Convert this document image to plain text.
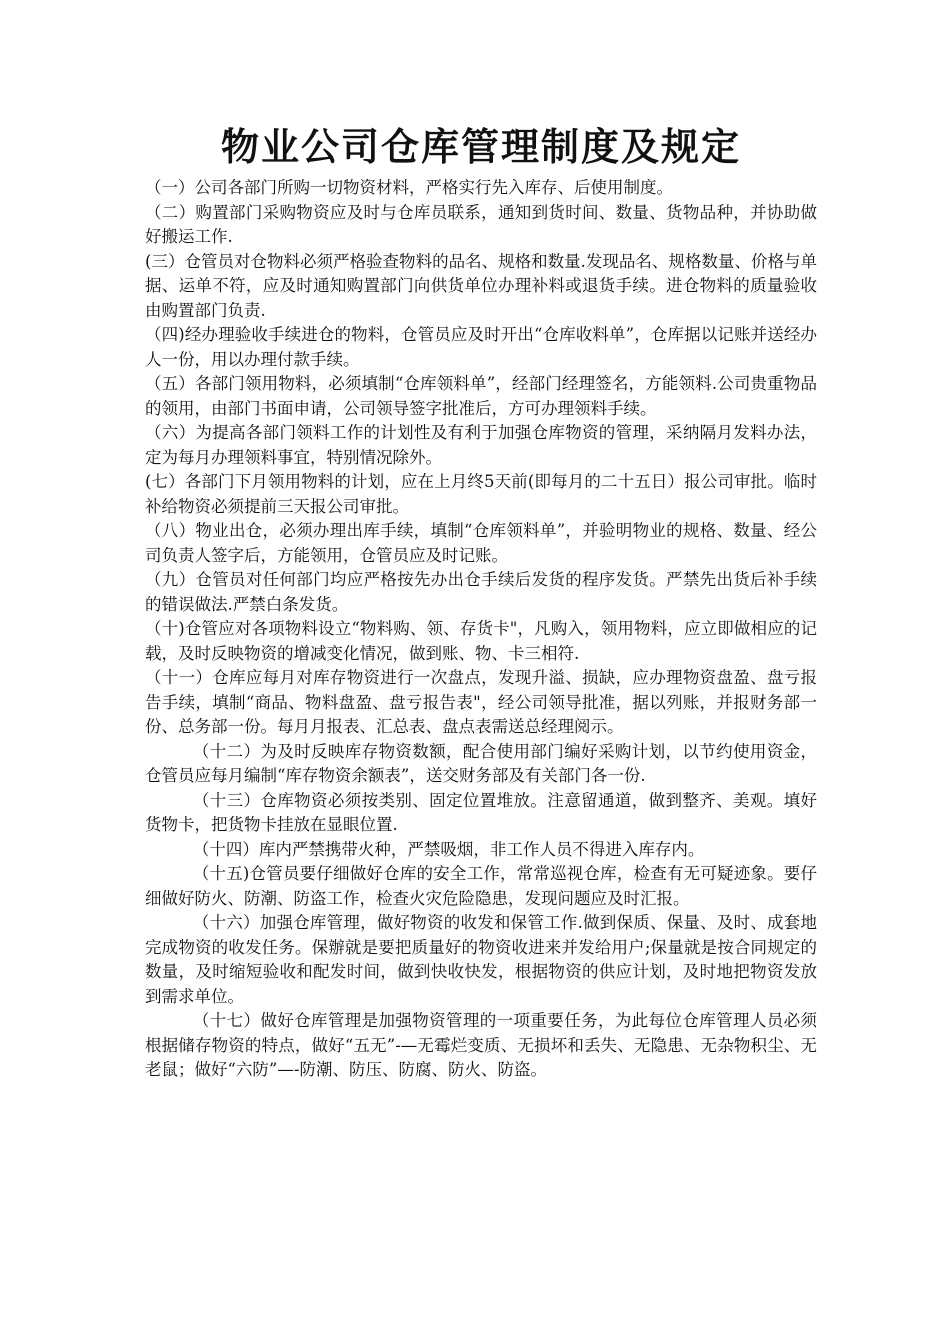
物业公司仓库管理制度及规定

（一）公司各部门所购一切物资材料，严格实行先入库存、后使用制度。

（二）购置部门采购物资应及时与仓库员联系，通知到货时间、数量、货物品种，并协助做好搬运工作.

(三）仓管员对仓物料必须严格验查物料的品名、规格和数量.发现品名、规格数量、价格与单据、运单不符，应及时通知购置部门向供货单位办理补料或退货手续。进仓物料的质量验收由购置部门负责.

（四)经办理验收手续进仓的物料，仓管员应及时开出“仓库收料单”，仓库据以记账并送经办人一份，用以办理付款手续。

（五）各部门领用物料，必须填制“仓库领料单”，经部门经理签名，方能领料.公司贵重物品的领用，由部门书面申请，公司领导签字批准后，方可办理领料手续。

（六）为提高各部门领料工作的计划性及有利于加强仓库物资的管理，采纳隔月发料办法，定为每月办理领料事宜，特别情况除外。

(七）各部门下月领用物料的计划，应在上月终5天前(即每月的二十五日）报公司审批。临时补给物资必须提前三天报公司审批。

（八）物业出仓，必须办理出库手续，填制“仓库领料单”，并验明物业的规格、数量、经公司负责人签字后，方能领用，仓管员应及时记账。

（九）仓管员对任何部门均应严格按先办出仓手续后发货的程序发货。严禁先出货后补手续的错误做法.严禁白条发货。

（十)仓管应对各项物料设立“物料购、领、存货卡"，凡购入，领用物料，应立即做相应的记载，及时反映物资的增减变化情况，做到账、物、卡三相符.

（十一）仓库应每月对库存物资进行一次盘点，发现升溢、损缺，应办理物资盘盈、盘亏报告手续，填制“商品、物料盘盈、盘亏报告表"，经公司领导批准，据以列账，并报财务部一份、总务部一份。每月月报表、汇总表、盘点表需送总经理阅示。

（十二）为及时反映库存物资数额，配合使用部门编好采购计划，以节约使用资金，仓管员应每月编制“库存物资余额表”，送交财务部及有关部门各一份.

（十三）仓库物资必须按类别、固定位置堆放。注意留通道，做到整齐、美观。填好货物卡，把货物卡挂放在显眼位置.

（十四）库内严禁携带火种，严禁吸烟，非工作人员不得进入库存内。

（十五)仓管员要仔细做好仓库的安全工作，常常巡视仓库，检查有无可疑迹象。要仔细做好防火、防潮、防盗工作，检查火灾危险隐患，发现问题应及时汇报。

（十六）加强仓库管理，做好物资的收发和保管工作.做到保质、保量、及时、成套地完成物资的收发任务。保辦就是要把质量好的物资收进来并发给用户;保量就是按合同规定的数量，及时缩短验收和配发时间，做到快收快发，根据物资的供应计划，及时地把物资发放到需求单位。

（十七）做好仓库管理是加强物资管理的一项重要任务，为此每位仓库管理人员必须根据储存物资的特点，做好“五无”-—无霉烂变质、无损坏和丢失、无隐患、无杂物积尘、无老鼠；做好“六防”—-防潮、防压、防腐、防火、防盗。
